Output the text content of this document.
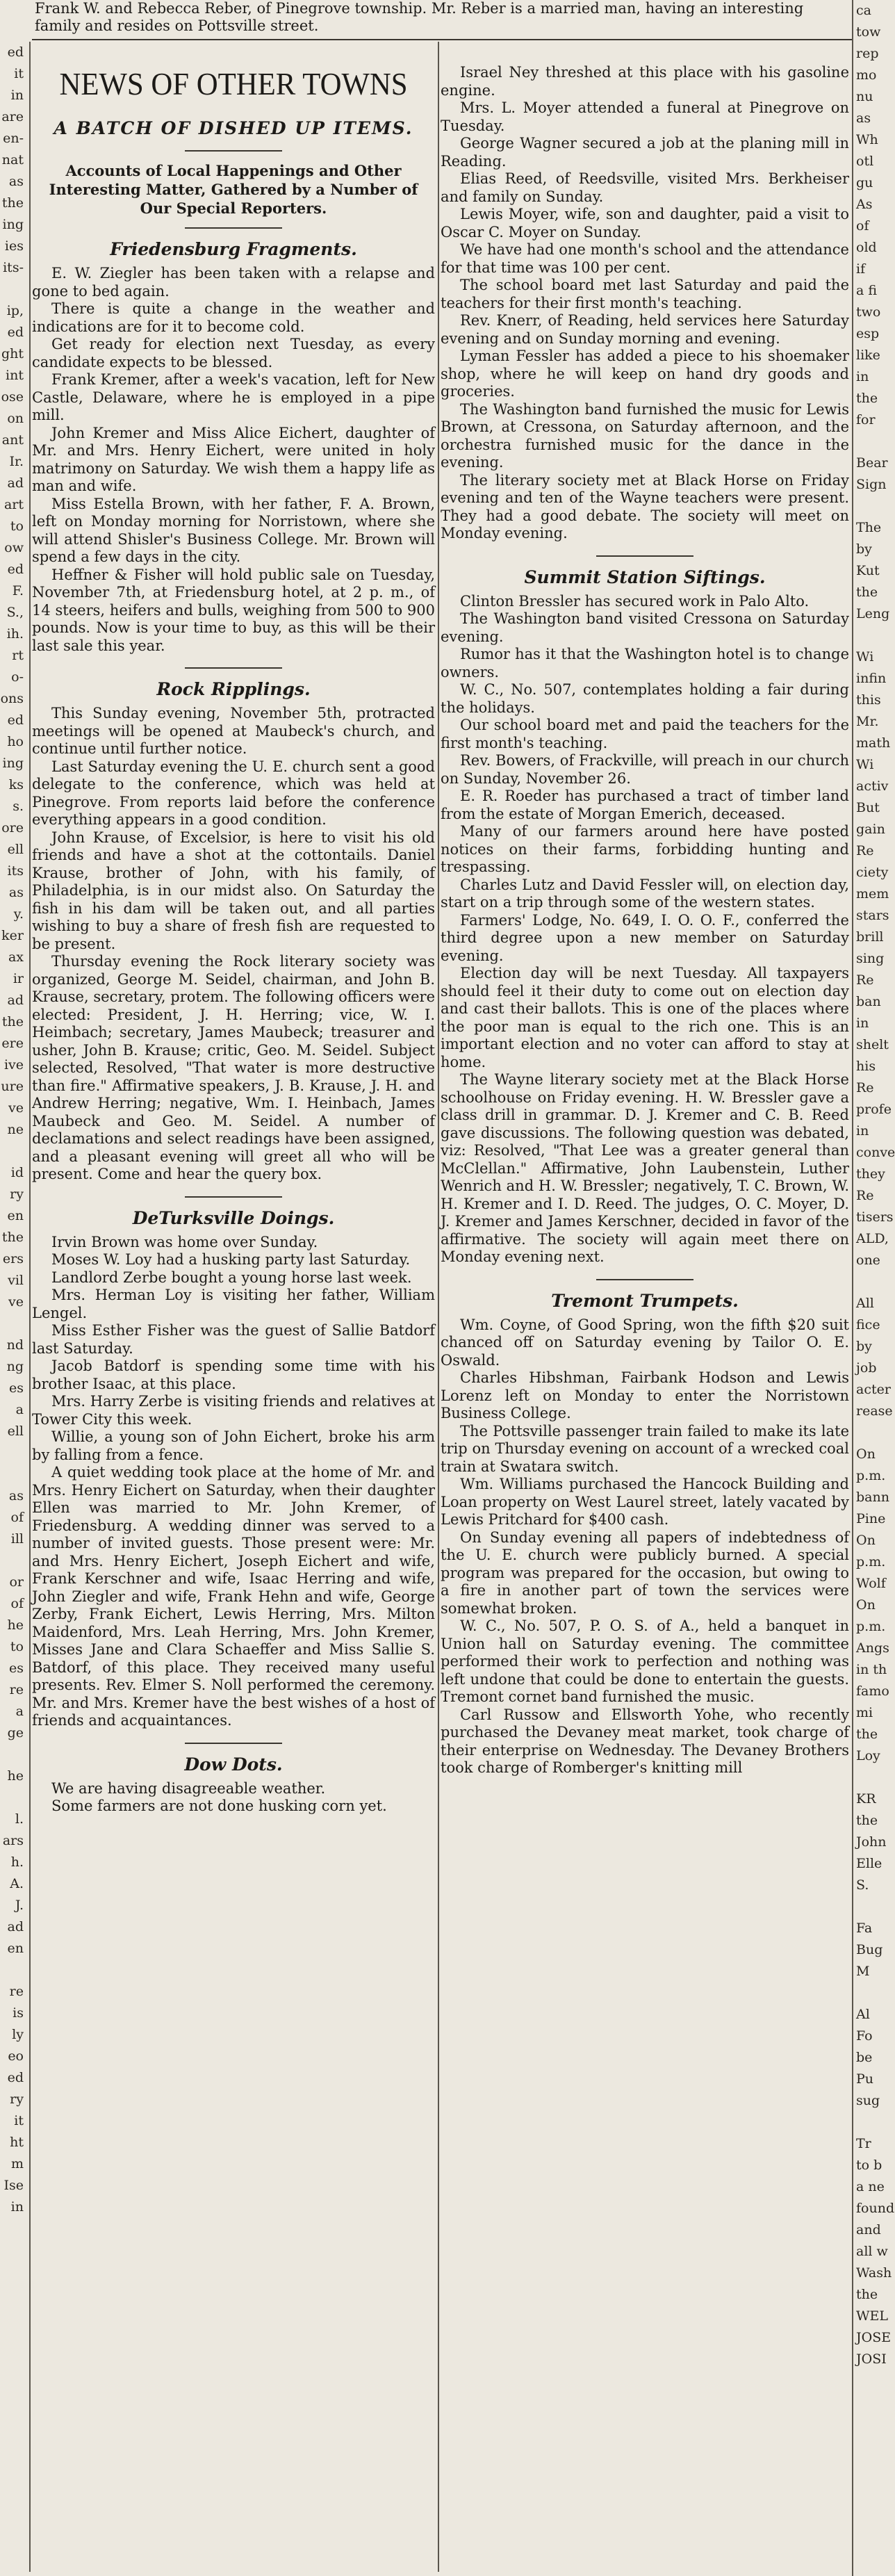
Frank W. and Rebecca Reber, of Pinegrove township. Mr. Reber is a married man, having an interesting family and resides on Pottsville street.
ed
it
in
are
en-
nat
as
the
ing
ies
its-

ip,
ed
ght
int
ose
on
ant
Ir.
ad
art
to
ow
ed
F.
S.,
ih.
rt
o-
ons
ed
ho
ing
ks
s.
ore
ell
its
as
y.
ker
ax
ir
ad
the
ere
ive
ure
ve
ne

id
ry
en
the
ers
vil
ve

nd
ng
es
a
ell

as
of
ill

or
of
he
to
es
re
a
ge

he

l.
ars
h.
A.
J.
ad
en

re
is
ly
eo
ed
ry
it
ht
m
Ise
in
NEWS OF OTHER TOWNS
A BATCH OF DISHED UP ITEMS.
Accounts of Local Happenings and Other Interesting Matter, Gathered by a Number of Our Special Reporters.
Friedensburg Fragments.

E. W. Ziegler has been taken with a relapse and gone to bed again.

There is quite a change in the weather and indications are for it to become cold.

Get ready for election next Tuesday, as every candidate expects to be blessed.

Frank Kremer, after a week's vacation, left for New Castle, Delaware, where he is employed in a pipe mill.

John Kremer and Miss Alice Eichert, daughter of Mr. and Mrs. Henry Eichert, were united in holy matrimony on Saturday. We wish them a happy life as man and wife.

Miss Estella Brown, with her father, F. A. Brown, left on Monday morning for Norristown, where she will attend Shisler's Business College. Mr. Brown will spend a few days in the city.

Heffner & Fisher will hold public sale on Tuesday, November 7th, at Friedensburg hotel, at 2 p. m., of 14 steers, heifers and bulls, weighing from 500 to 900 pounds. Now is your time to buy, as this will be their last sale this year.

Rock Ripplings.

This Sunday evening, November 5th, protracted meetings will be opened at Maubeck's church, and continue until further notice.

Last Saturday evening the U. E. church sent a good delegate to the conference, which was held at Pinegrove. From reports laid before the conference everything appears in a good condition.

John Krause, of Excelsior, is here to visit his old friends and have a shot at the cottontails. Daniel Krause, brother of John, with his family, of Philadelphia, is in our midst also. On Saturday the fish in his dam will be taken out, and all parties wishing to buy a share of fresh fish are requested to be present.

Thursday evening the Rock literary society was organized, George M. Seidel, chairman, and John B. Krause, secretary, protem. The following officers were elected: President, J. H. Herring; vice, W. I. Heimbach; secretary, James Maubeck; treasurer and usher, John B. Krause; critic, Geo. M. Seidel. Subject selected, Resolved, "That water is more destructive than fire." Affirmative speakers, J. B. Krause, J. H. and Andrew Herring; negative, Wm. I. Heinbach, James Maubeck and Geo. M. Seidel. A number of declamations and select readings have been assigned, and a pleasant evening will greet all who will be present. Come and hear the query box.

DeTurksville Doings.

Irvin Brown was home over Sunday.

Moses W. Loy had a husking party last Saturday.

Landlord Zerbe bought a young horse last week.

Mrs. Herman Loy is visiting her father, William Lengel.

Miss Esther Fisher was the guest of Sallie Batdorf last Saturday.

Jacob Batdorf is spending some time with his brother Isaac, at this place.

Mrs. Harry Zerbe is visiting friends and relatives at Tower City this week.

Willie, a young son of John Eichert, broke his arm by falling from a fence.

A quiet wedding took place at the home of Mr. and Mrs. Henry Eichert on Saturday, when their daughter Ellen was married to Mr. John Kremer, of Friedensburg. A wedding dinner was served to a number of invited guests. Those present were: Mr. and Mrs. Henry Eichert, Joseph Eichert and wife, Frank Kerschner and wife, Isaac Herring and wife, John Ziegler and wife, Frank Hehn and wife, George Zerby, Frank Eichert, Lewis Herring, Mrs. Milton Maidenford, Mrs. Leah Herring, Mrs. John Kremer, Misses Jane and Clara Schaeffer and Miss Sallie S. Batdorf, of this place. They received many useful presents. Rev. Elmer S. Noll performed the ceremony. Mr. and Mrs. Kremer have the best wishes of a host of friends and acquaintances.

Dow Dots.

We are having disagreeable weather.

Some farmers are not done husking corn yet.

Israel Ney threshed at this place with his gasoline engine.

Mrs. L. Moyer attended a funeral at Pinegrove on Tuesday.

George Wagner secured a job at the planing mill in Reading.

Elias Reed, of Reedsville, visited Mrs. Berkheiser and family on Sunday.

Lewis Moyer, wife, son and daughter, paid a visit to Oscar C. Moyer on Sunday.

We have had one month's school and the attendance for that time was 100 per cent.

The school board met last Saturday and paid the teachers for their first month's teaching.

Rev. Knerr, of Reading, held services here Saturday evening and on Sunday morning and evening.

Lyman Fessler has added a piece to his shoemaker shop, where he will keep on hand dry goods and groceries.

The Washington band furnished the music for Lewis Brown, at Cressona, on Saturday afternoon, and the orchestra furnished music for the dance in the evening.

The literary society met at Black Horse on Friday evening and ten of the Wayne teachers were present. They had a good debate. The society will meet on Monday evening.

Summit Station Siftings.

Clinton Bressler has secured work in Palo Alto.

The Washington band visited Cressona on Saturday evening.

Rumor has it that the Washington hotel is to change owners.

W. C., No. 507, contemplates holding a fair during the holidays.

Our school board met and paid the teachers for the first month's teaching.

Rev. Bowers, of Frackville, will preach in our church on Sunday, November 26.

E. R. Roeder has purchased a tract of timber land from the estate of Morgan Emerich, deceased.

Many of our farmers around here have posted notices on their farms, forbidding hunting and trespassing.

Charles Lutz and David Fessler will, on election day, start on a trip through some of the western states.

Farmers' Lodge, No. 649, I. O. O. F., conferred the third degree upon a new member on Saturday evening.

Election day will be next Tuesday. All taxpayers should feel it their duty to come out on election day and cast their ballots. This is one of the places where the poor man is equal to the rich one. This is an important election and no voter can afford to stay at home.

The Wayne literary society met at the Black Horse schoolhouse on Friday evening. H. W. Bressler gave a class drill in grammar. D. J. Kremer and C. B. Reed gave discussions. The following question was debated, viz: Resolved, "That Lee was a greater general than McClellan." Affirmative, John Laubenstein, Luther Wenrich and H. W. Bressler; negatively, T. C. Brown, W. H. Kremer and I. D. Reed. The judges, O. C. Moyer, D. J. Kremer and James Kerschner, decided in favor of the affirmative. The society will again meet there on Monday evening next.

Tremont Trumpets.

Wm. Coyne, of Good Spring, won the fifth $20 suit chanced off on Saturday evening by Tailor O. E. Oswald.

Charles Hibshman, Fairbank Hodson and Lewis Lorenz left on Monday to enter the Norristown Business College.

The Pottsville passenger train failed to make its late trip on Thursday evening on account of a wrecked coal train at Swatara switch.

Wm. Williams purchased the Hancock Building and Loan property on West Laurel street, lately vacated by Lewis Pritchard for $400 cash.

On Sunday evening all papers of indebtedness of the U. E. church were publicly burned. A special program was prepared for the occasion, but owing to a fire in another part of town the services were somewhat broken.

W. C., No. 507, P. O. S. of A., held a banquet in Union hall on Saturday evening. The committee performed their work to perfection and nothing was left undone that could be done to entertain the guests. Tremont cornet band furnished the music.

Carl Russow and Ellsworth Yohe, who recently purchased the Devaney meat market, took charge of their enterprise on Wednesday. The Devaney Brothers took charge of Romberger's knitting mill

ca
tow
rep
mo
nu
as
Wh
otl
gu
As
of
old
if
a fi
two
esp
like
in
the
for

Bear
Sign

The
by
Kut
the
Leng

Wi
infin
this
Mr.
math
Wi
activ
But
gain
Re
ciety
mem
stars
brill
sing
Re
ban
in
shelt
his
Re
profe
in
conve
they
Re
tisers
ALD,
one

All
fice
by
job
acter
rease

On
p.m.
bann
Pine
On
p.m.
Wolf
On
p.m.
Angs
in th
famo
mi
the
Loy

KR
the
John
Elle
S.

Fa
Bug
M

Al
Fo
be
Pu
sug

Tr
to b
a ne
found
and
all w
Wash
the
WEL
JOSE
JOSI
